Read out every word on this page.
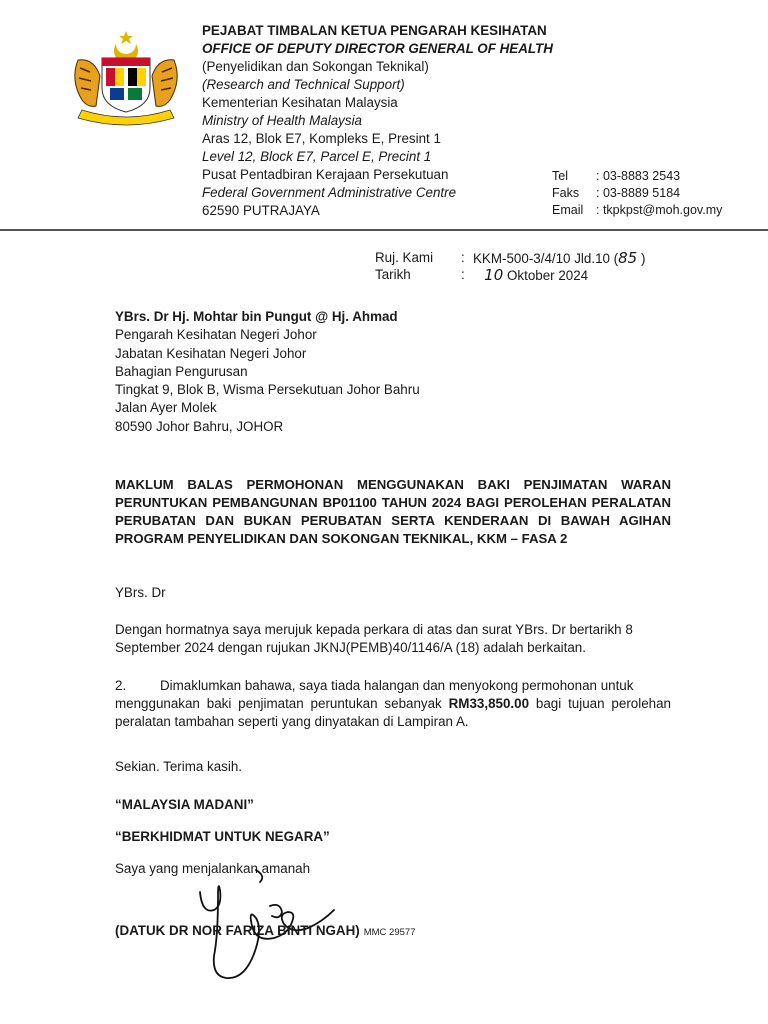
PEJABAT TIMBALAN KETUA PENGARAH KESIHATAN
OFFICE OF DEPUTY DIRECTOR GENERAL OF HEALTH
(Penyelidikan dan Sokongan Teknikal)
(Research and Technical Support)
Kementerian Kesihatan Malaysia
Ministry of Health Malaysia
Aras 12, Blok E7, Kompleks E, Presint 1
Level 12, Block E7, Parcel E, Precint 1
Pusat Pentadbiran Kerajaan Persekutuan
Federal Government Administrative Centre
62590 PUTRAJAYA
Tel	: 03-8883 2543
Faks	: 03-8889 5184
Email	: tkpkpst@moh.gov.my
Ruj. Kami	: KKM-500-3/4/10 Jld.10 (85 )
Tarikh	:	10 Oktober 2024
YBrs. Dr Hj. Mohtar bin Pungut @ Hj. Ahmad
Pengarah Kesihatan Negeri Johor
Jabatan Kesihatan Negeri Johor
Bahagian Pengurusan
Tingkat 9, Blok B, Wisma Persekutuan Johor Bahru
Jalan Ayer Molek
80590 Johor Bahru, JOHOR
MAKLUM BALAS PERMOHONAN MENGGUNAKAN BAKI PENJIMATAN WARAN PERUNTUKAN PEMBANGUNAN BP01100 TAHUN 2024 BAGI PEROLEHAN PERALATAN PERUBATAN DAN BUKAN PERUBATAN SERTA KENDERAAN DI BAWAH AGIHAN PROGRAM PENYELIDIKAN DAN SOKONGAN TEKNIKAL, KKM – FASA 2
YBrs. Dr
Dengan hormatnya saya merujuk kepada perkara di atas dan surat YBrs. Dr bertarikh 8 September 2024 dengan rujukan JKNJ(PEMB)40/1146/A (18) adalah berkaitan.
2.	Dimaklumkan bahawa, saya tiada halangan dan menyokong permohonan untuk
menggunakan baki penjimatan peruntukan sebanyak RM33,850.00 bagi tujuan perolehan peralatan tambahan seperti yang dinyatakan di Lampiran A.
Sekian. Terima kasih.
“MALAYSIA MADANI”
“BERKHIDMAT UNTUK NEGARA”
Saya yang menjalankan amanah
(DATUK DR NOR FARIZA BINTI NGAH) MMC 29577
